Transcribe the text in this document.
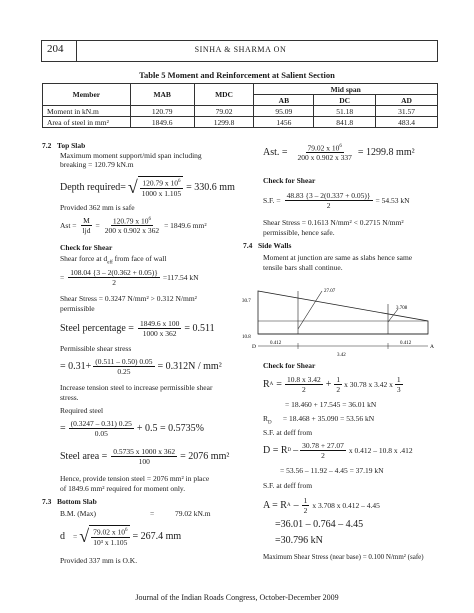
204	SINHA & SHARMA ON
Table 5 Moment and Reinforcement at Salient Section
Member	MAB	MDC	Mid span		
			AB	DC	AD
Moment in kN.m	120.79	79.02	95.09	51.18	31.57
Area of steel in mm²	1849.6	1299.8	1456	841.8	483.4
7.2 Top Slab
Maximum moment support/mid span including
breaking = 120.79 kN.m
Depth required= √ $\frac{120.79 x 10^6}{1000 x 1.105} = 330.6$ mm
Provided 362 mm is safe
Ast = $\frac{M}{\text{ljd}} = \frac{120.79 x 10^6}{200 x 0.902 x 362} = 1849.6$ mm²
Check for Shear
Shear force at $d_{eff}$ from face of wall
= $\frac{108.04 \{3 - 2(0.362 + 0.05)\}}{2} =117.54$ kN
Shear Stress = 0.3247 N/mm² > 0.312 N/mm²
permissible
Steel percentage = $\frac{1849.6 x 100}{1000 x 362} = 0.511$
Permissible shear stress
= $0.31+ \frac{(0.511 - 0.50) 0.05}{0.25} = 0.312N / mm^2$
Increase tension steel to increase permissible shear
stress.
Required steel
= $\frac{(0.3247 - 0.31) 0.25}{0.05} + 0.5 = 0.5735\%$
Steel area = $\frac{0.5735 x 1000 x 362}{100} = 2076$ mm²
Hence, provide tension steel = 2076 mm² in place
of 1849.6 mm² required for moment only.
7.3 Bottom Slab
B.M. (Max)	=	79.02 kN.m
d = √ $\frac{79.02 x 10^6}{\text{10³ x 1.105}} = 267.4$ mm
Provided 337 mm is O.K.
Ast. = $\frac{79.02 x 10^6}{200 x 0.902 x 337} = 1299.8$ mm²
Check for Shear
S.F. = $\frac{48.83 \{3 - 2(0.337 + 0.05)\}}{2} = 54.53$ kN
Shear Stress = 0.1613 N/mm² < 0.2715 N/mm²
permissible, hence safe.
7.4 Side Walls
Moment at junction are same as slabs hence same
tensile bars shall continue.
27.07
3.708
30.7
10.8
D	A
0.412	0.412
3.42
Check for Shear
R $A = \frac{10.8 x 3.42}{2} + \frac{1}{2}$ x 30.78 x 3.42 x $\frac{1}{3}$
= 18.460 + 17.545 = 36.01 kN
$R_D = 18.468 + 35.090 = 53.56$ kN
S.F. at deff from
D = R D – $\frac{30.78 + 27.07}{2}$ x 0.412 – 10.8 x .412
= 53.56 – 11.92 – 4.45 = 37.19 kN
S.F. at deff from
A = R A – $\frac{1}{2}$ x 3.708 x 0.412 – 4.45
=36.01 – 0.764 – 4.45
=30.796 kN
Maximum Shear Stress (near base) = 0.100 N/mm² (safe)
Journal of the Indian Roads Congress, October-December 2009
